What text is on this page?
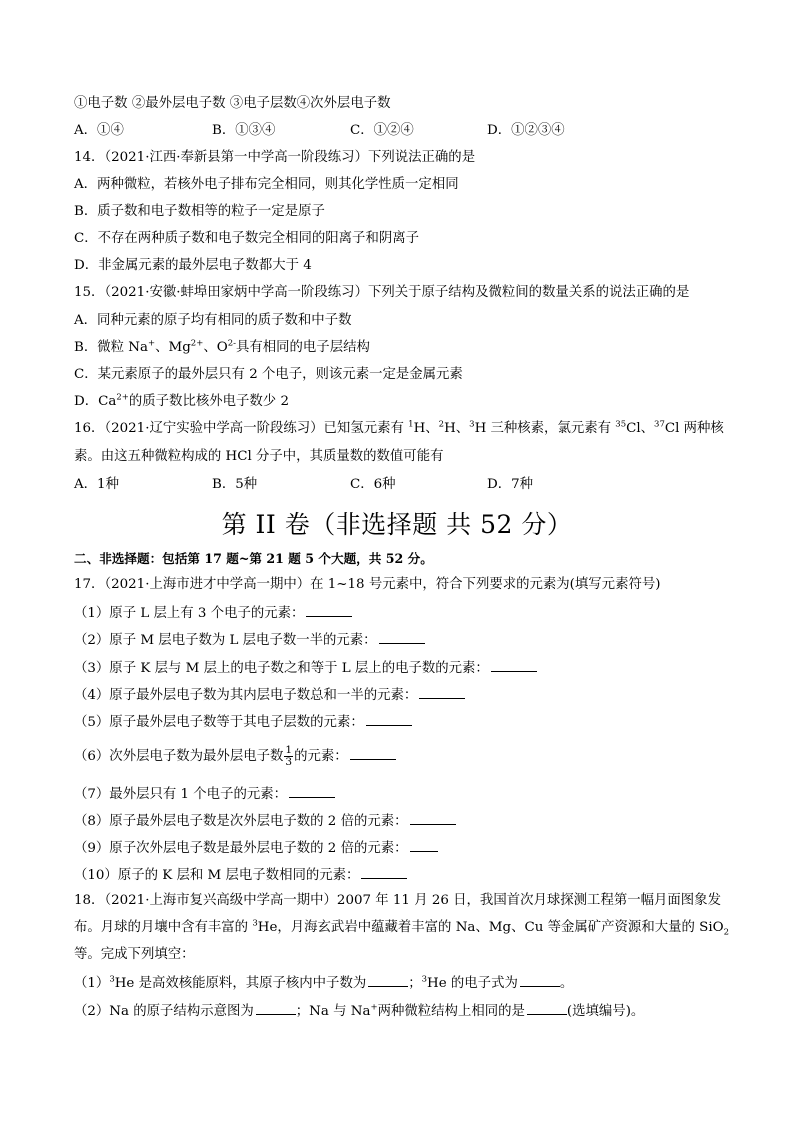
①电子数 ②最外层电子数 ③电子层数④次外层电子数
A．①④	B．①③④	C．①②④	D．①②③④
14．（2021·江西·奉新县第一中学高一阶段练习）下列说法正确的是
A．两种微粒，若核外电子排布完全相同，则其化学性质一定相同
B．质子数和电子数相等的粒子一定是原子
C．不存在两种质子数和电子数完全相同的阳离子和阴离子
D．非金属元素的最外层电子数都大于 4
15．（2021·安徽·蚌埠田家炳中学高一阶段练习）下列关于原子结构及微粒间的数量关系的说法正确的是
A．同种元素的原子均有相同的质子数和中子数
B．微粒 Na+、$Mg^{2+}$、$O^{2-}$具有相同的电子层结构
C．某元素原子的最外层只有 2 个电子，则该元素一定是金属元素
D．$Ca^{2+}$的质子数比核外电子数少 2
16．（2021·辽宁实验中学高一阶段练习）已知氢元素有 $^1$H、$^2$H、$^3$H 三种核素，氯元素有 $^{35}$Cl、$^{37}$Cl 两种核
素。由这五种微粒构成的 HCl 分子中，其质量数的数值可能有
A．1种	B．5种	C．6种	D．7种
第 II 卷（非选择题 共 52 分）
二、非选择题：包括第 17 题~第 21 题 5 个大题，共 52 分。
17．（2021·上海市进才中学高一期中）在 1~18 号元素中，符合下列要求的元素为(填写元素符号)
（1）原子 L 层上有 3 个电子的元素：
（2）原子 M 层电子数为 L 层电子数一半的元素：
（3）原子 K 层与 M 层上的电子数之和等于 L 层上的电子数的元素：
（4）原子最外层电子数为其内层电子数总和一半的元素：
（5）原子最外层电子数等于其电子层数的元素：
（6）次外层电子数为最外层电子数 $\frac{1}{3}$ 的元素：
（7）最外层只有 1 个电子的元素：
（8）原子最外层电子数是次外层电子数的 2 倍的元素：
（9）原子次外层电子数是最外层电子数的 2 倍的元素：
（10）原子的 K 层和 M 层电子数相同的元素：
18．（2021·上海市复兴高级中学高一期中）2007 年 11 月 26 日，我国首次月球探测工程第一幅月面图象发
布。月球的月壤中含有丰富的 $^3$He，月海玄武岩中蕴藏着丰富的 Na、Mg、Cu 等金属矿产资源和大量的 SiO$_2$
等。完成下列填空：
$(1)^3He$ 是高效核能原料，其原子核内中子数为	；$^3$He 的电子式为	。
（2）Na 的原子结构示意图为	；Na 与 Na+两种微粒结构上相同的是	(选填编号)。
